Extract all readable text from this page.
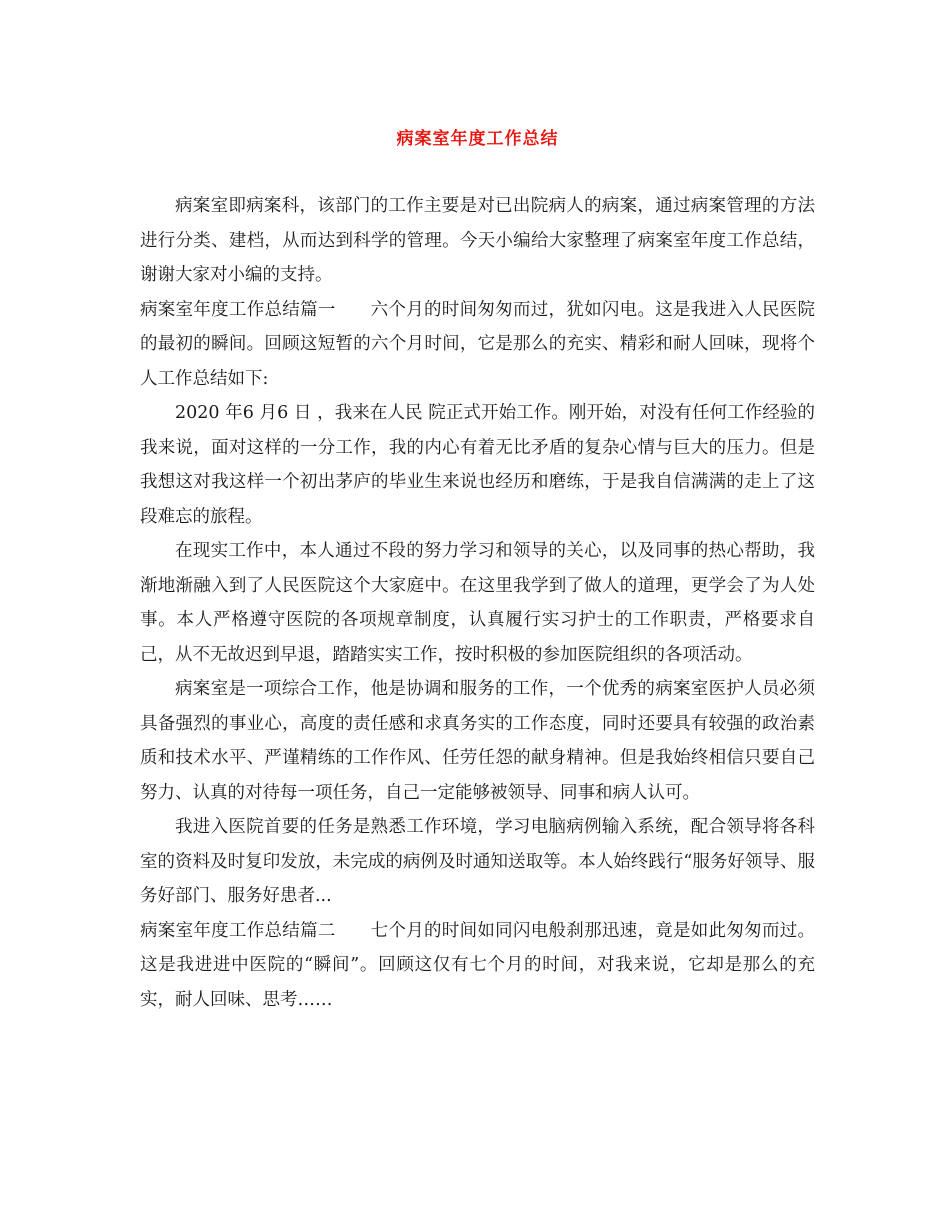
病案室年度工作总结

病案室即病案科，该部门的工作主要是对已出院病人的病案，通过病案管理的方法进行分类、建档，从而达到科学的管理。今天小编给大家整理了病案室年度工作总结，谢谢大家对小编的支持。

病案室年度工作总结篇一 六个月的时间匆匆而过，犹如闪电。这是我进入人民医院的最初的瞬间。回顾这短暂的六个月时间，它是那么的充实、精彩和耐人回味，现将个人工作总结如下:

2020 年6 月6 日 ，我来在人民 院正式开始工作。刚开始，对没有任何工作经验的我来说，面对这样的一分工作，我的内心有着无比矛盾的复杂心情与巨大的压力。但是我想这对我这样一个初出茅庐的毕业生来说也经历和磨练，于是我自信满满的走上了这段难忘的旅程。

在现实工作中，本人通过不段的努力学习和领导的关心，以及同事的热心帮助，我渐地渐融入到了人民医院这个大家庭中。在这里我学到了做人的道理，更学会了为人处事。本人严格遵守医院的各项规章制度，认真履行实习护士的工作职责，严格要求自己，从不无故迟到早退，踏踏实实工作，按时积极的参加医院组织的各项活动。

病案室是一项综合工作，他是协调和服务的工作，一个优秀的病案室医护人员必须具备强烈的事业心，高度的责任感和求真务实的工作态度，同时还要具有较强的政治素质和技术水平、严谨精练的工作作风、任劳任怨的献身精神。但是我始终相信只要自己努力、认真的对待每一项任务，自己一定能够被领导、同事和病人认可。

我进入医院首要的任务是熟悉工作环境，学习电脑病例输入系统，配合领导将各科室的资料及时复印发放，未完成的病例及时通知送取等。本人始终践行“服务好领导、服务好部门、服务好患者...

病案室年度工作总结篇二 七个月的时间如同闪电般刹那迅速，竟是如此匆匆而过。这是我进进中医院的“瞬间”。回顾这仅有七个月的时间，对我来说，它却是那么的充实，耐人回味、思考……
